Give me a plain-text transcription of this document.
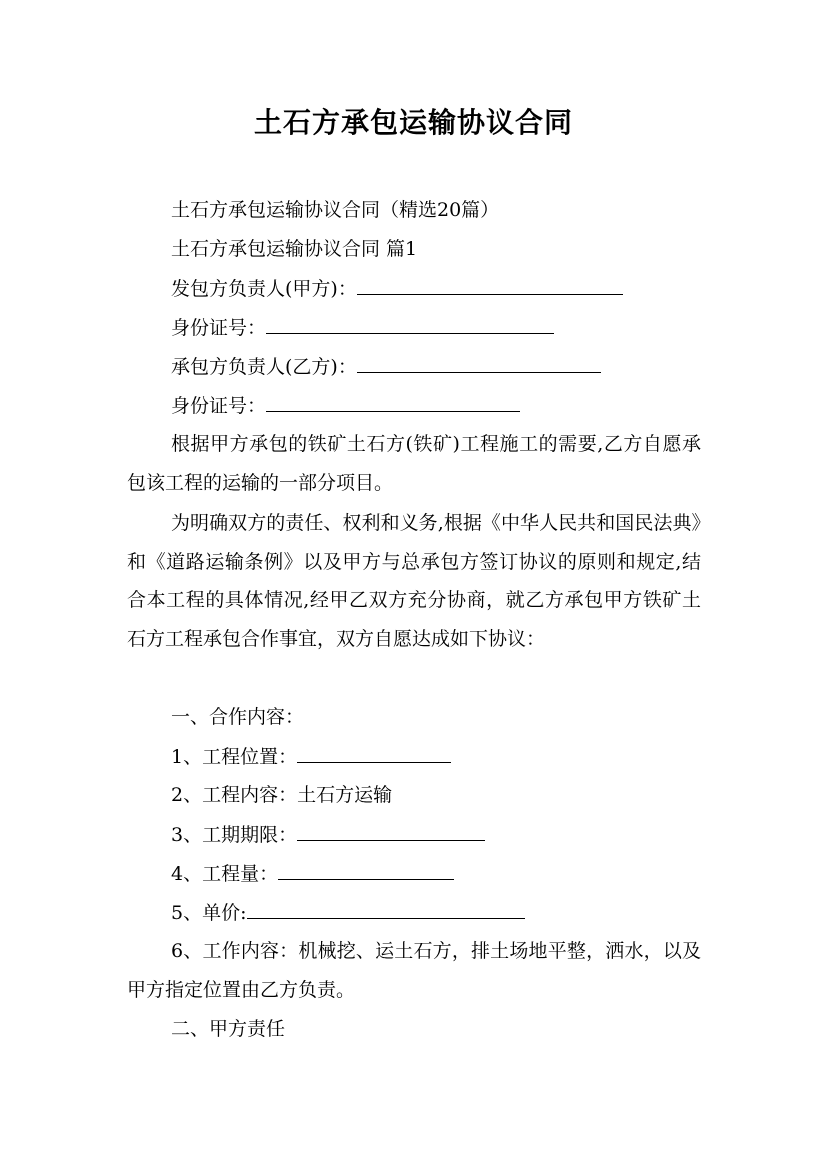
土石方承包运输协议合同
土石方承包运输协议合同（精选20篇）
土石方承包运输协议合同 篇1
发包方负责人(甲方)：
身份证号：
承包方负责人(乙方)：
身份证号：
根据甲方承包的铁矿土石方(铁矿)工程施工的需要,乙方自愿承包该工程的运输的一部分项目。
为明确双方的责任、权利和义务,根据《中华人民共和国民法典》和《道路运输条例》以及甲方与总承包方签订协议的原则和规定,结合本工程的具体情况,经甲乙双方充分协商，就乙方承包甲方铁矿土石方工程承包合作事宜，双方自愿达成如下协议：
一、合作内容：
1、工程位置：
2、工程内容：土石方运输
3、工期期限：
4、工程量：
5、单价:
6、工作内容：机械挖、运土石方，排土场地平整，洒水，以及甲方指定位置由乙方负责。
二、甲方责任
